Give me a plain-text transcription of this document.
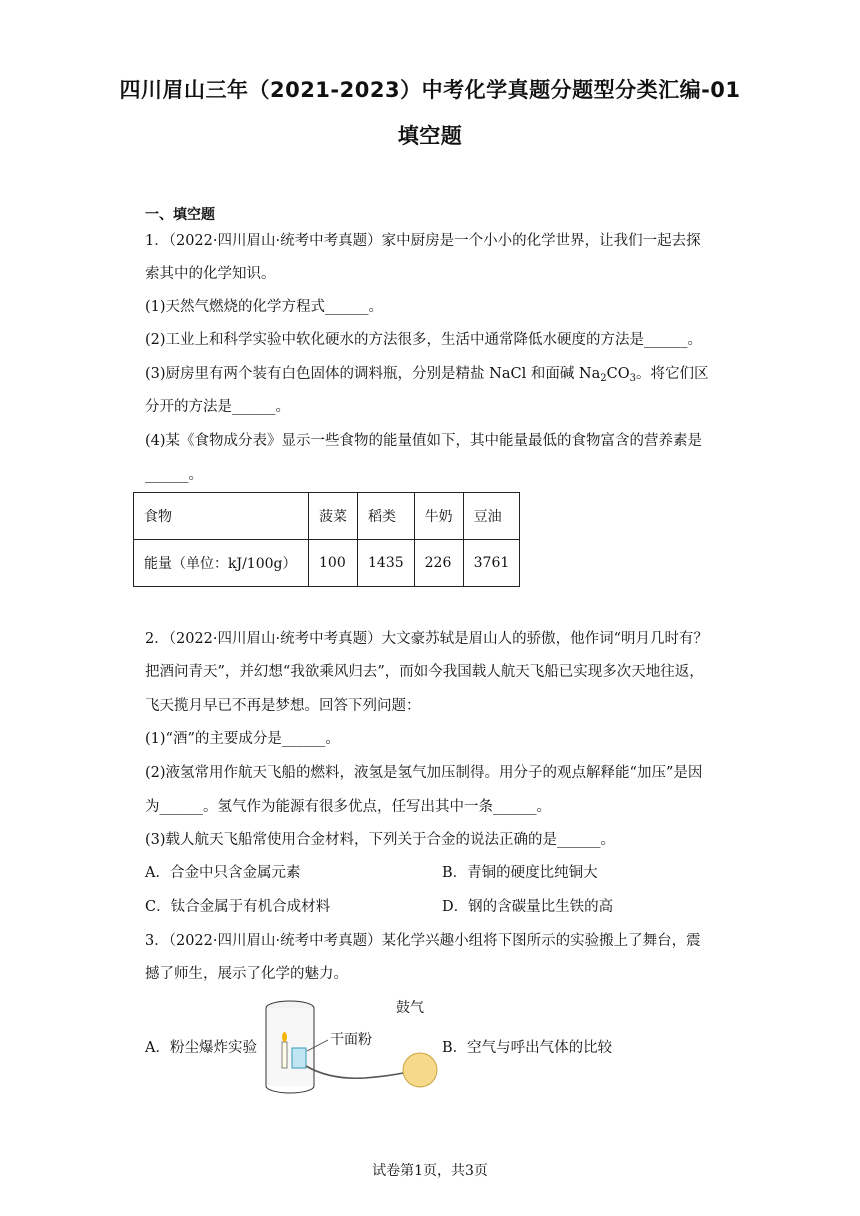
四川眉山三年（2021-2023）中考化学真题分题型分类汇编-01
填空题
一、填空题
1．（2022·四川眉山·统考中考真题）家中厨房是一个小小的化学世界，让我们一起去探
索其中的化学知识。
(1)天然气燃烧的化学方程式______。
(2)工业上和科学实验中软化硬水的方法很多，生活中通常降低水硬度的方法是______。
(3)厨房里有两个装有白色固体的调料瓶，分别是精盐 NaCl 和面碱 $Na_2CO_3$。将它们区
分开的方法是______。
(4)某《食物成分表》显示一些食物的能量值如下，其中能量最低的食物富含的营养素是
______。
食物	菠菜	稻类	牛奶	豆油
能量（单位：kJ/100g）	100	1435	226	3761
2．（2022·四川眉山·统考中考真题）大文豪苏轼是眉山人的骄傲，他作词“明月几时有？
把酒问青天”，并幻想“我欲乘风归去”，而如今我国载人航天飞船已实现多次天地往返，
飞天揽月早已不再是梦想。回答下列问题：
(1)“酒”的主要成分是______。
(2)液氢常用作航天飞船的燃料，液氢是氢气加压制得。用分子的观点解释能“加压”是因
为______。氢气作为能源有很多优点，任写出其中一条______。
(3)载人航天飞船常使用合金材料，下列关于合金的说法正确的是______。
A．合金中只含金属元素	B．青铜的硬度比纯铜大
C．钛合金属于有机合成材料	D．钢的含碳量比生铁的高
3．（2022·四川眉山·统考中考真题）某化学兴趣小组将下图所示的实验搬上了舞台，震
撼了师生，展示了化学的魅力。
A．粉尘爆炸实验	干面粉
鼓气
B．空气与呼出气体的比较
试卷第1页，共3页
